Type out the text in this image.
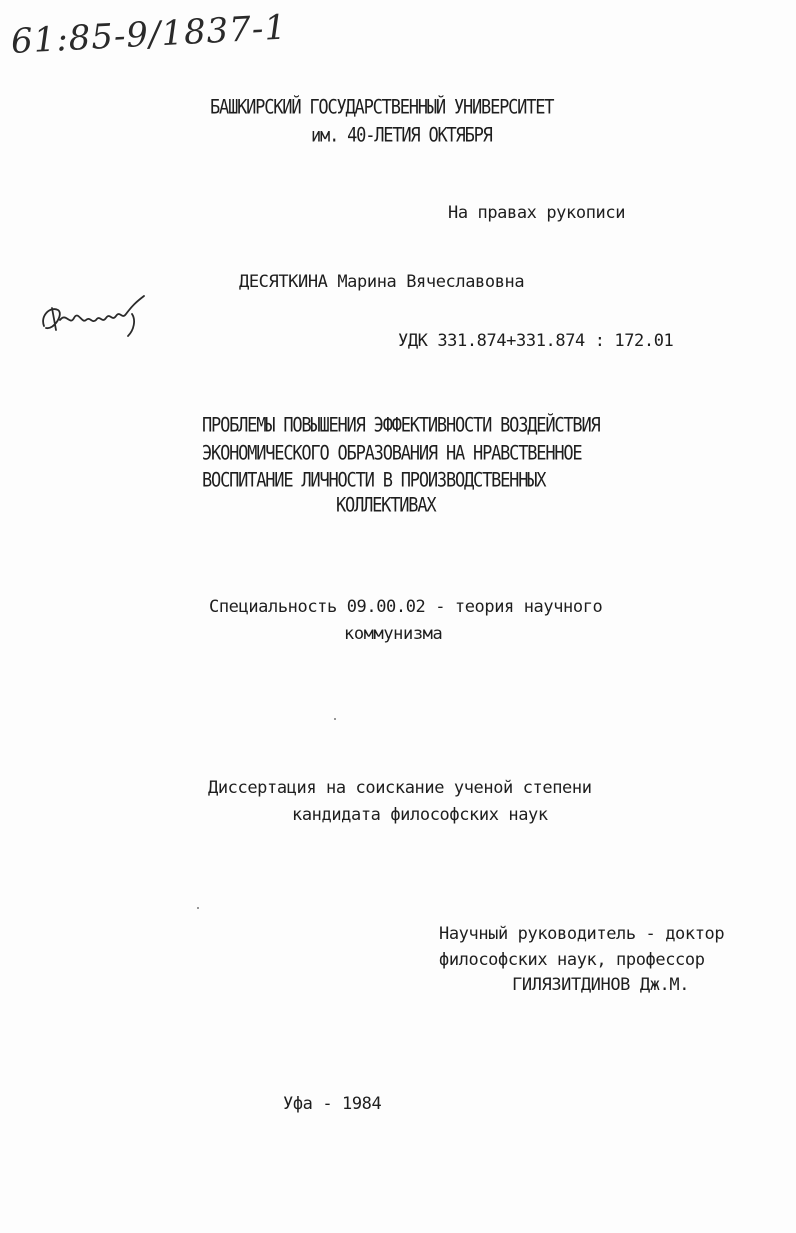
61:85-9/1837-1
БАШКИРСКИЙ ГОСУДАРСТВЕННЫЙ УНИВЕРСИТЕТ
им. 40-ЛЕТИЯ ОКТЯБРЯ
На правах рукописи
ДЕСЯТКИНА Марина Вячеславовна
УДК 331.874+331.874 : 172.01
ПРОБЛЕМЫ ПОВЫШЕНИЯ ЭФФЕКТИВНОСТИ ВОЗДЕЙСТВИЯ
ЭКОНОМИЧЕСКОГО ОБРАЗОВАНИЯ НА НРАВСТВЕННОЕ
ВОСПИТАНИЕ ЛИЧНОСТИ В ПРОИЗВОДСТВЕННЫХ
КОЛЛЕКТИВАХ
Специальность 09.00.02 - теория научного
коммунизма
Диссертация на соискание ученой степени
кандидата философских наук
Научный руководитель - доктор
философских наук, профессор
ГИЛЯЗИТДИНОВ Дж.М.
Уфа - 1984
